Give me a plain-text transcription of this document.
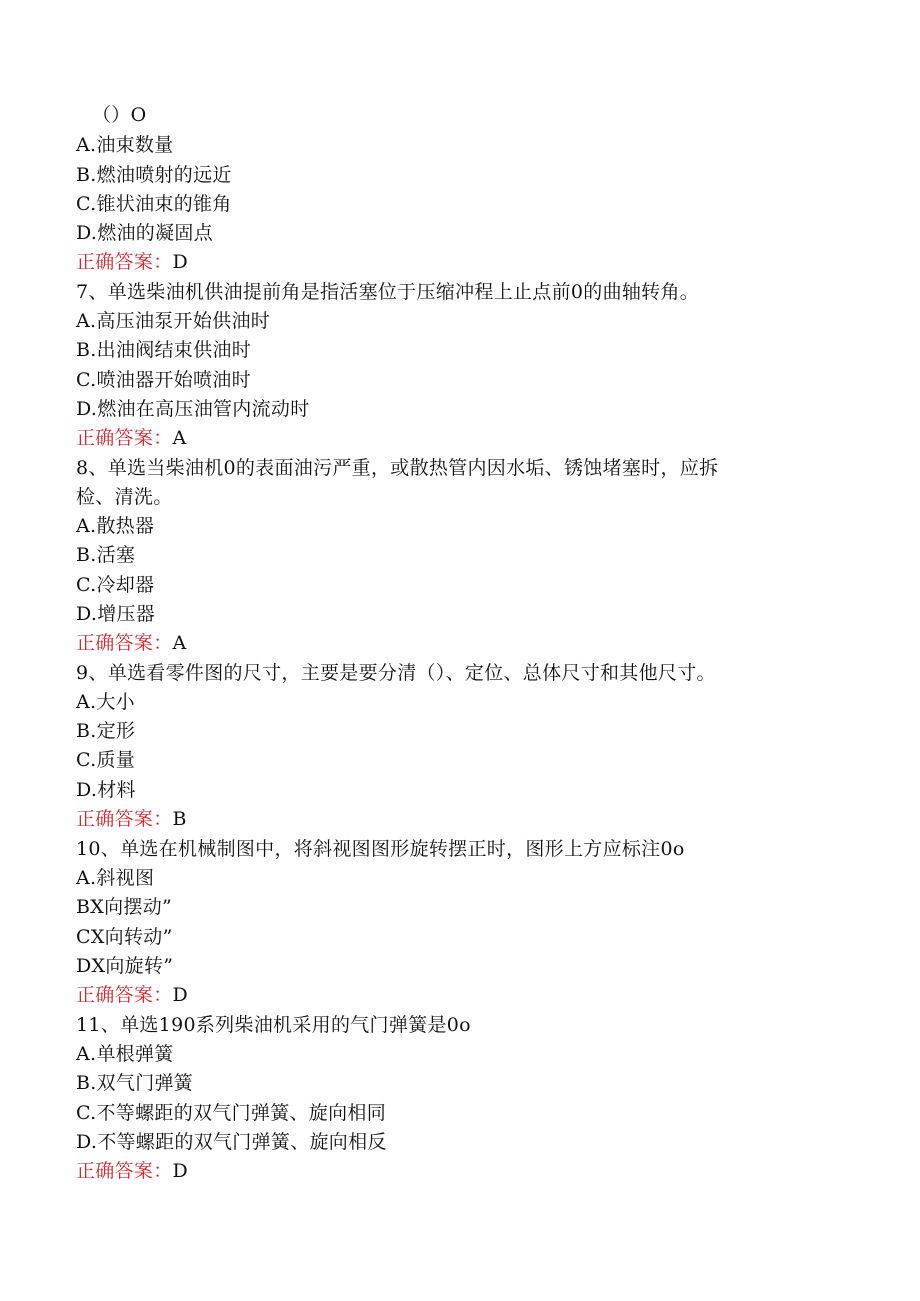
（）O
A.油束数量
B.燃油喷射的远近
C.锥状油束的锥角
D.燃油的凝固点
正确答案：D
7、单选柴油机供油提前角是指活塞位于压缩冲程上止点前0的曲轴转角。
A.高压油泵开始供油时
B.出油阀结束供油时
C.喷油器开始喷油时
D.燃油在高压油管内流动时
正确答案：A
8、单选当柴油机0的表面油污严重，或散热管内因水垢、锈蚀堵塞时，应拆
检、清洗。
A.散热器
B.活塞
C.冷却器
D.增压器
正确答案：A
9、单选看零件图的尺寸，主要是要分清（）、定位、总体尺寸和其他尺寸。
A.大小
B.定形
C.质量
D.材料
正确答案：B
10、单选在机械制图中，将斜视图图形旋转摆正时，图形上方应标注0o
A.斜视图
BX向摆动”
CX向转动”
DX向旋转”
正确答案：D
11、单选190系列柴油机采用的气门弹簧是0o
A.单根弹簧
B.双气门弹簧
C.不等螺距的双气门弹簧、旋向相同
D.不等螺距的双气门弹簧、旋向相反
正确答案：D
